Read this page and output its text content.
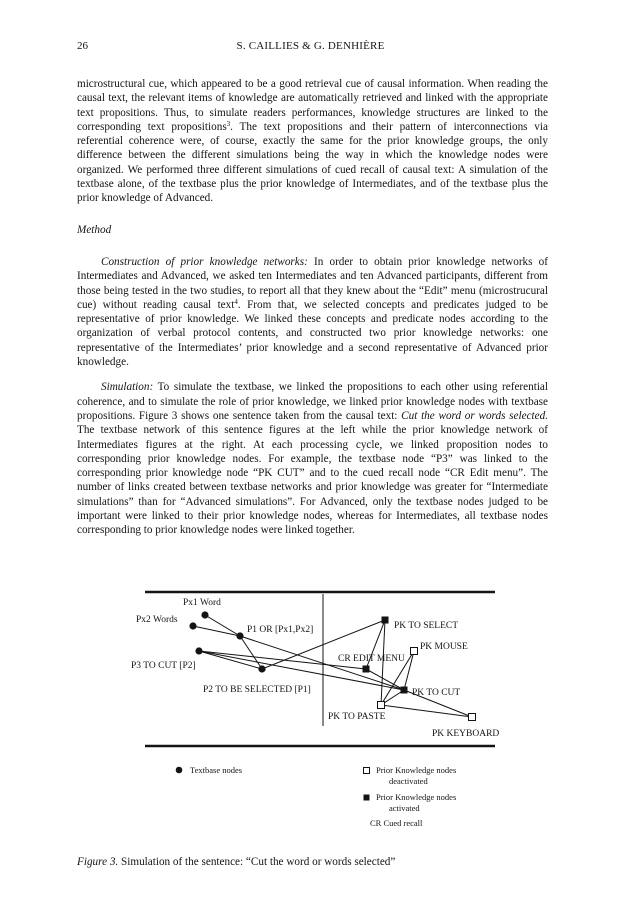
26	S. CAILLIES & G. DENHIÈRE

microstructural cue, which appeared to be a good retrieval cue of causal information. When reading the causal text, the relevant items of knowledge are automatically retrieved and linked with the appropriate text propositions. Thus, to simulate readers performances, knowledge structures are linked to the corresponding text propositions$^3$. The text propositions and their pattern of interconnections via referential coherence were, of course, exactly the same for the prior knowledge groups, the only difference between the different simulations being the way in which the knowledge nodes were organized. We performed three different simulations of cued recall of causal text: A simulation of the textbase alone, of the textbase plus the prior knowledge of Intermediates, and of the textbase plus the prior knowledge of Advanced.

Method

Construction of prior knowledge networks: In order to obtain prior knowledge networks of Intermediates and Advanced, we asked ten Intermediates and ten Advanced participants, different from those being tested in the two studies, to report all that they knew about the “Edit” menu (microstrucural cue) without reading causal text$^4$. From that, we selected concepts and predicates judged to be representative of prior knowledge. We linked these concepts and predicate nodes according to the organization of verbal protocol contents, and constructed two prior knowledge networks: one representative of the Intermediates’ prior knowledge and a second representative of Advanced prior knowledge.

Simulation: To simulate the textbase, we linked the propositions to each other using referential coherence, and to simulate the role of prior knowledge, we linked prior knowledge nodes with textbase propositions. Figure 3 shows one sentence taken from the causal text: Cut the word or words selected. The textbase network of this sentence figures at the left while the prior knowledge network of Intermediates figures at the right. At each processing cycle, we linked proposition nodes to corresponding prior knowledge nodes. For example, the textbase node “P3” was linked to the corresponding prior knowledge node “PK CUT” and to the cued recall node “CR Edit menu”. The number of links created between textbase networks and prior knowledge was greater for “Intermediate simulations” than for “Advanced simulations”. For Advanced, only the textbase nodes judged to be important were linked to their prior knowledge nodes, whereas for Intermediates, all textbase nodes corresponding to prior knowledge nodes were linked together.

Px1 Word
Px2 Words
P1 OR [Px1,Px2]
P3 TO CUT [P2]
P2 TO BE SELECTED [P1]
PK TO SELECT
PK MOUSE
CR EDIT MENU
PK TO CUT
PK TO PASTE
PK KEYBOARD
Textbase nodes	Prior Knowledge nodes
deactivated
Prior Knowledge nodes
activated
CR Cued recall
Figure 3. Simulation of the sentence: “Cut the word or words selected”
